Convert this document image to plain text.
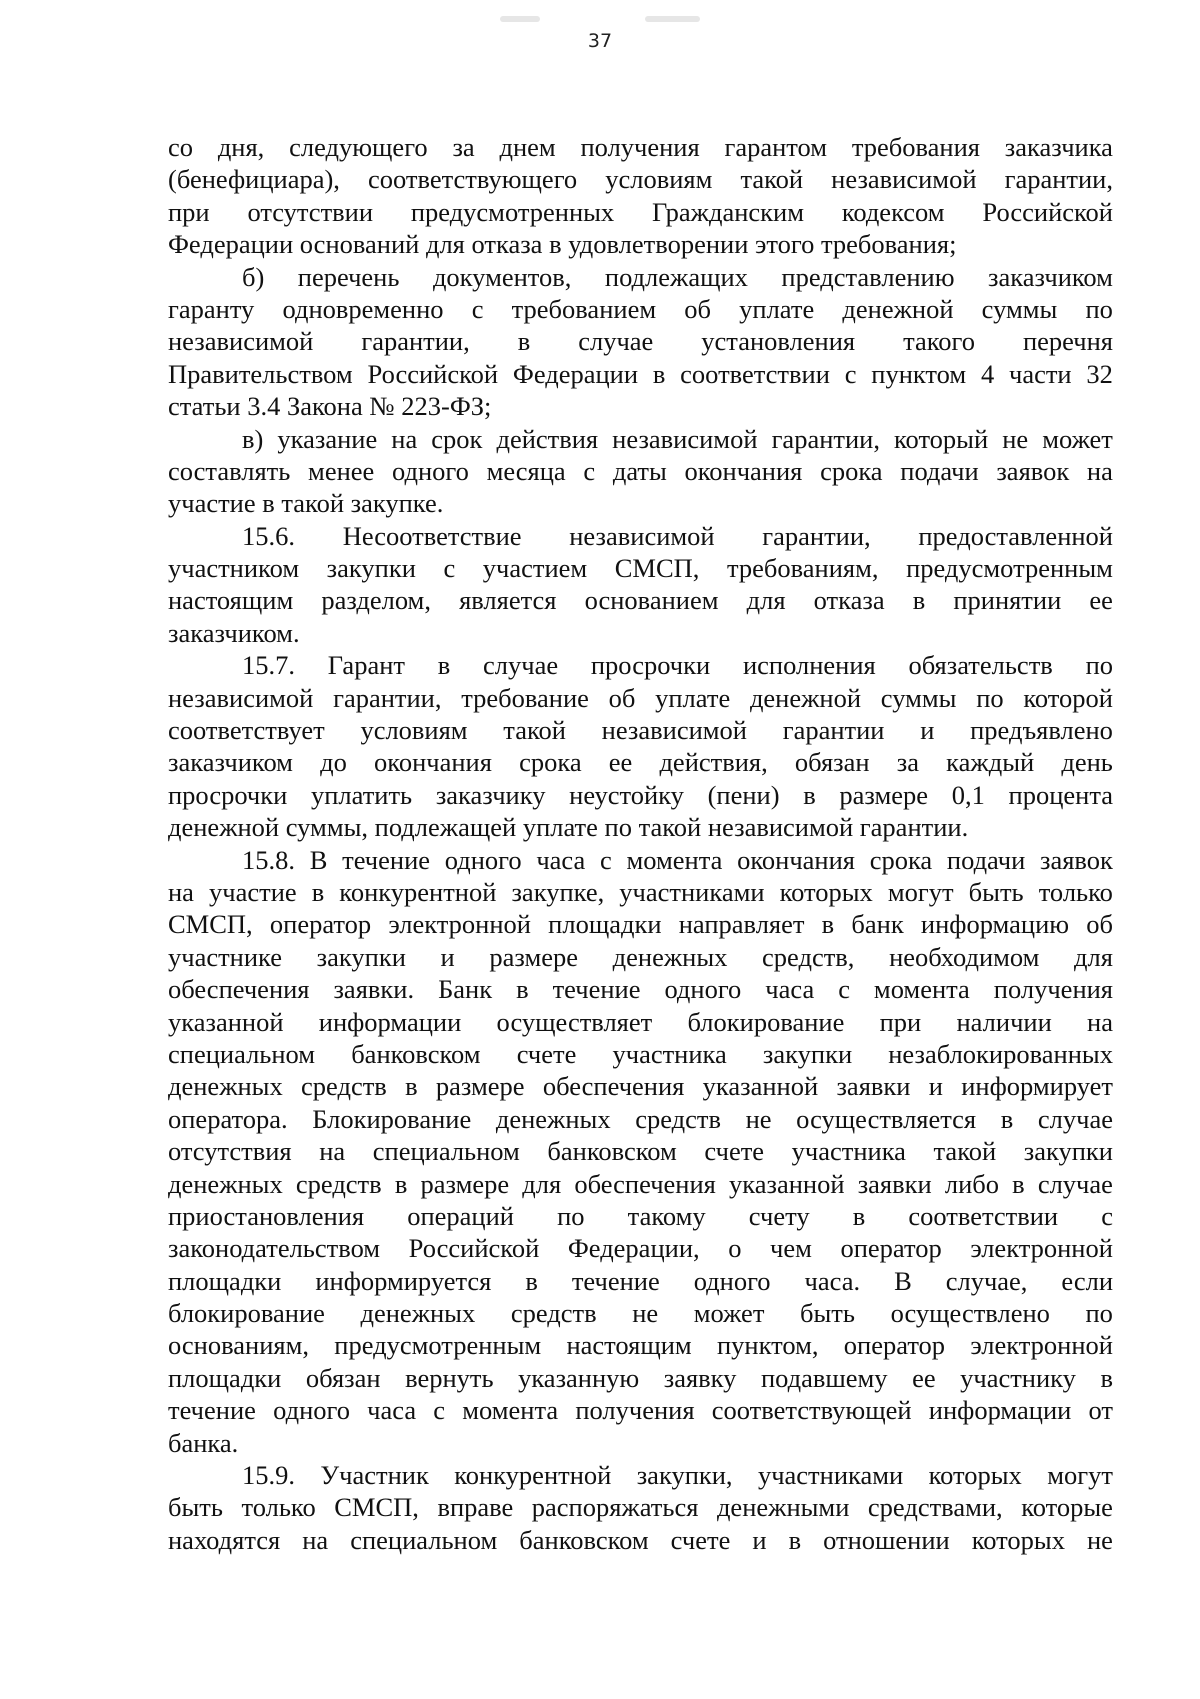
37
со дня, следующего за днем получения гарантом требования заказчика
(бенефициара), соответствующего условиям такой независимой гарантии,
при отсутствии предусмотренных Гражданским кодексом Российской
Федерации оснований для отказа в удовлетворении этого требования;
б) перечень документов, подлежащих представлению заказчиком
гаранту одновременно с требованием об уплате денежной суммы по
независимой гарантии, в случае установления такого перечня
Правительством Российской Федерации в соответствии с пунктом 4 части 32
статьи 3.4 Закона № 223-ФЗ;
в) указание на срок действия независимой гарантии, который не может
составлять менее одного месяца с даты окончания срока подачи заявок на
участие в такой закупке.
15.6. Несоответствие независимой гарантии, предоставленной
участником закупки с участием СМСП, требованиям, предусмотренным
настоящим разделом, является основанием для отказа в принятии ее
заказчиком.
15.7. Гарант в случае просрочки исполнения обязательств по
независимой гарантии, требование об уплате денежной суммы по которой
соответствует условиям такой независимой гарантии и предъявлено
заказчиком до окончания срока ее действия, обязан за каждый день
просрочки уплатить заказчику неустойку (пени) в размере 0,1 процента
денежной суммы, подлежащей уплате по такой независимой гарантии.
15.8. В течение одного часа с момента окончания срока подачи заявок
на участие в конкурентной закупке, участниками которых могут быть только
СМСП, оператор электронной площадки направляет в банк информацию об
участнике закупки и размере денежных средств, необходимом для
обеспечения заявки. Банк в течение одного часа с момента получения
указанной информации осуществляет блокирование при наличии на
специальном банковском счете участника закупки незаблокированных
денежных средств в размере обеспечения указанной заявки и информирует
оператора. Блокирование денежных средств не осуществляется в случае
отсутствия на специальном банковском счете участника такой закупки
денежных средств в размере для обеспечения указанной заявки либо в случае
приостановления операций по такому счету в соответствии с
законодательством Российской Федерации, о чем оператор электронной
площадки информируется в течение одного часа. В случае, если
блокирование денежных средств не может быть осуществлено по
основаниям, предусмотренным настоящим пунктом, оператор электронной
площадки обязан вернуть указанную заявку подавшему ее участнику в
течение одного часа с момента получения соответствующей информации от
банка.
15.9. Участник конкурентной закупки, участниками которых могут
быть только СМСП, вправе распоряжаться денежными средствами, которые
находятся на специальном банковском счете и в отношении которых не
